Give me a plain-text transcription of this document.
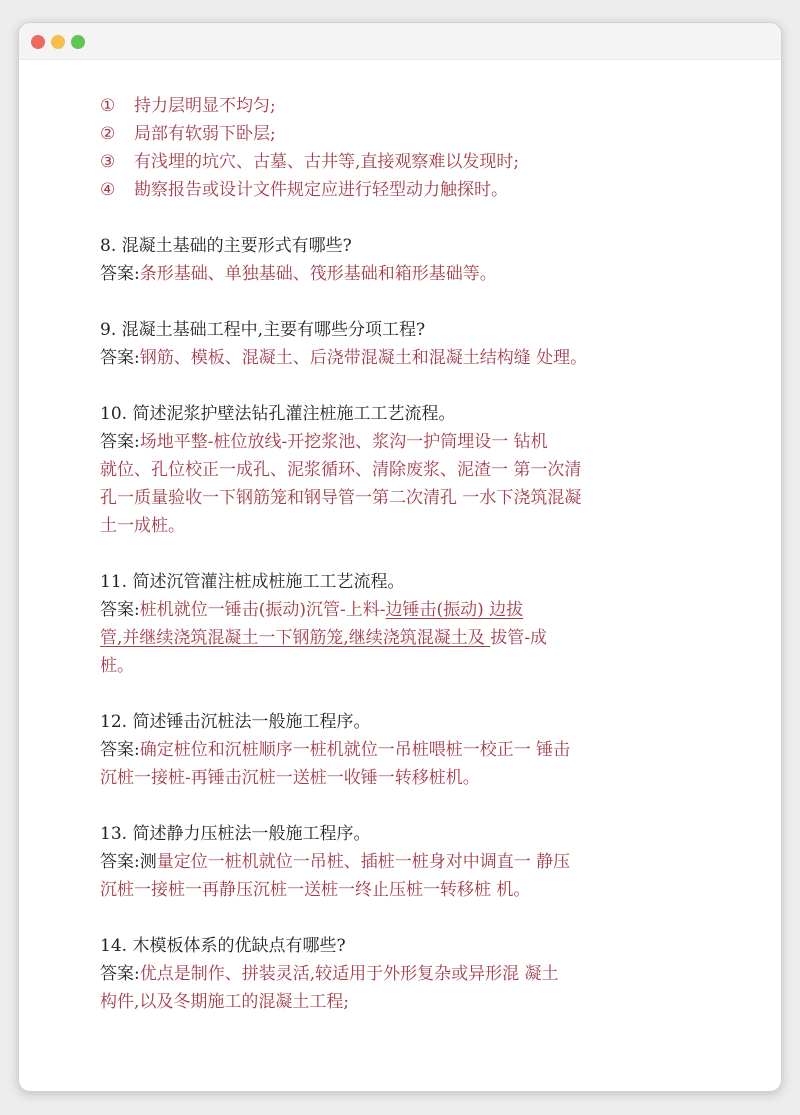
① 持力层明显不均匀;
② 局部有软弱下卧层;
③ 有浅埋的坑穴、古墓、古井等,直接观察难以发现时;
④ 勘察报告或设计文件规定应进行轻型动力触探时。
8. 混凝土基础的主要形式有哪些?
答案:条形基础、单独基础、筏形基础和箱形基础等。
9. 混凝土基础工程中,主要有哪些分项工程?
答案:钢筋、模板、混凝土、后浇带混凝土和混凝土结构缝 处理。
10. 简述泥浆护壁法钻孔灌注桩施工工艺流程。
答案:场地平整-桩位放线-开挖浆池、浆沟一护筒埋设一 钻机
就位、孔位校正一成孔、泥浆循环、清除废浆、泥渣一 第一次清
孔一质量验收一下钢筋笼和钢导管一第二次清孔 一水下浇筑混凝
土一成桩。
11. 简述沉管灌注桩成桩施工工艺流程。
答案:桩机就位一锤击(振动)沉管-上料-边锤击(振动) 边拔
管,并继续浇筑混凝土一下钢筋笼,继续浇筑混凝土及 拔管-成
桩。
12. 简述锤击沉桩法一般施工程序。
答案:确定桩位和沉桩顺序一桩机就位一吊桩喂桩一校正一 锤击
沉桩一接桩-再锤击沉桩一送桩一收锤一转移桩机。
13. 简述静力压桩法一般施工程序。
答案:测量定位一桩机就位一吊桩、插桩一桩身对中调直一 静压
沉桩一接桩一再静压沉桩一送桩一终止压桩一转移桩 机。
14. 木模板体系的优缺点有哪些?
答案:优点是制作、拼装灵活,较适用于外形复杂或异形混 凝土
构件,以及冬期施工的混凝土工程;
